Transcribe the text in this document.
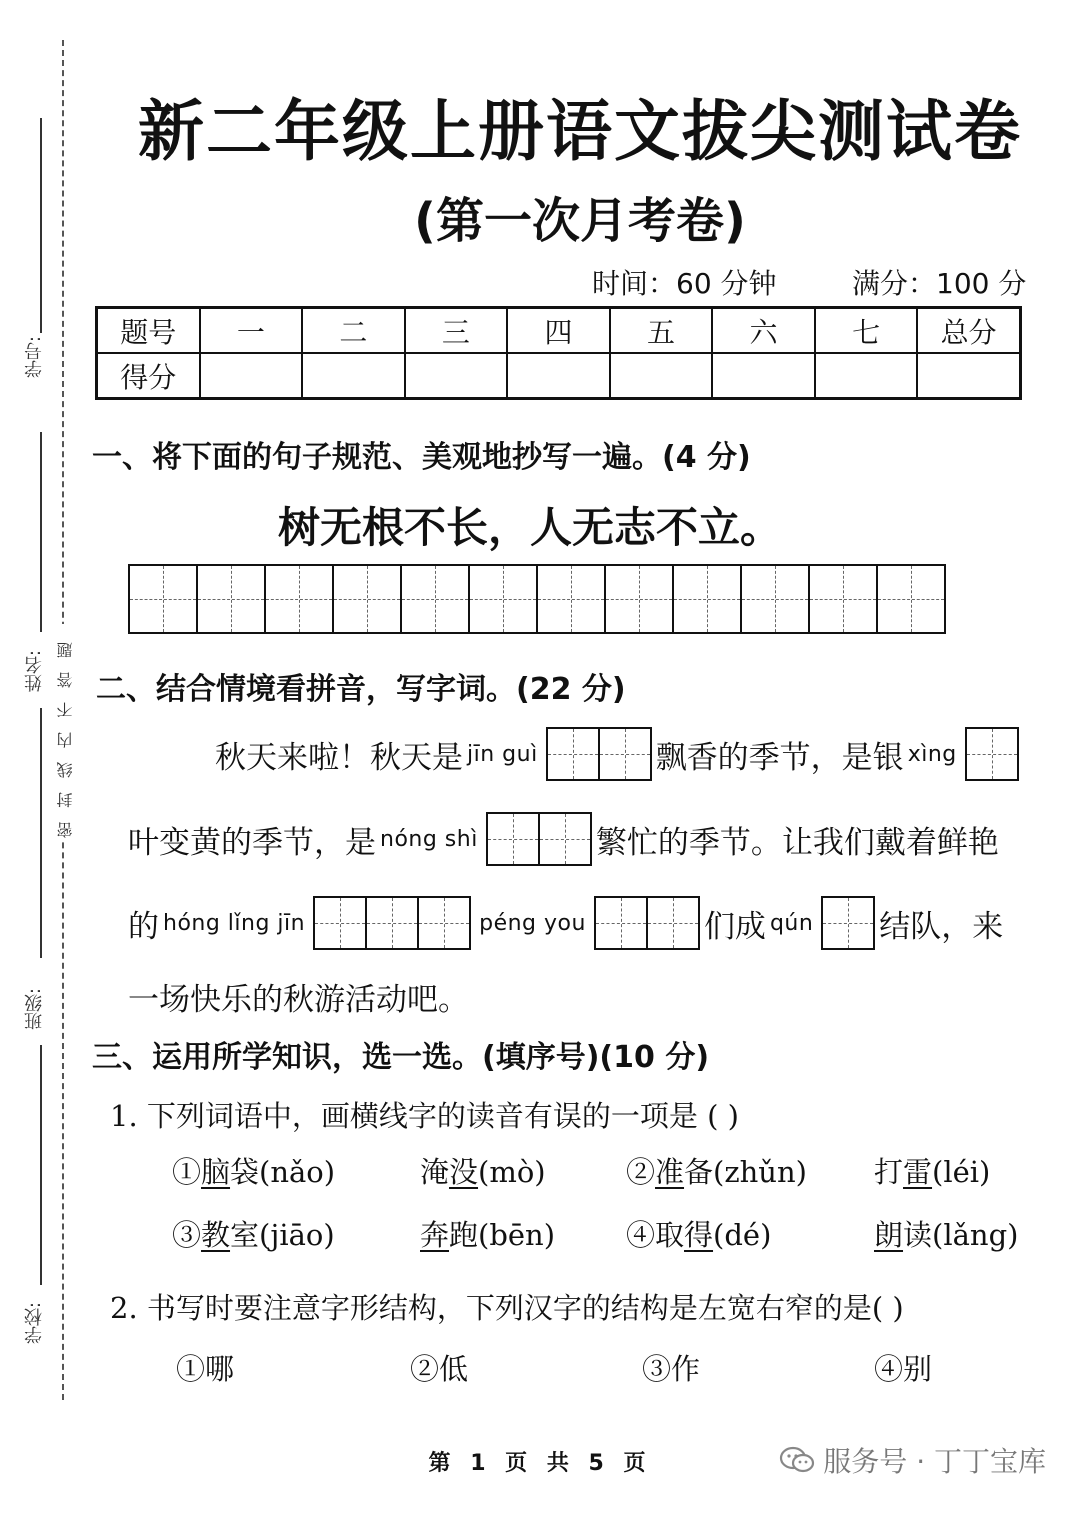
学号:
姓名:
班级:
学校:
密封线内不答题
新二年级上册语文拔尖测试卷
(第一次月考卷)
时间：60 分钟	满分：100 分
题号	一	二	三	四	五	六	七	总分
得分								
一、将下面的句子规范、美观地抄写一遍。(4 分)
树无根不长，人无志不立。
二、结合情境看拼音，写字词。(22 分)
秋天来啦！秋天是 jīn guì	飘香的季节，是银 xìng
叶变黄的季节，是 nóng shì	繁忙的季节。让我们戴着鲜艳
的 hóng lǐng jīn	péng you	们成 qún 结队，来
一场快乐的秋游活动吧。
三、运用所学知识，选一选。(填序号)(10 分)
1. 下列词语中，画横线字的读音有误的一项是 ( )
①脑袋(nǎo)	淹没(mò)	②准备(zhǔn) 打雷(léi)
③教室(jiāo)	奔跑(bēn) ④取得(dé)	朗读(lǎng)
2. 书写时要注意字形结构，下列汉字的结构是左宽右窄的是( )
①哪	②低	③作	④别
第 1 页 共 5 页	服务号 · 丁丁宝库
